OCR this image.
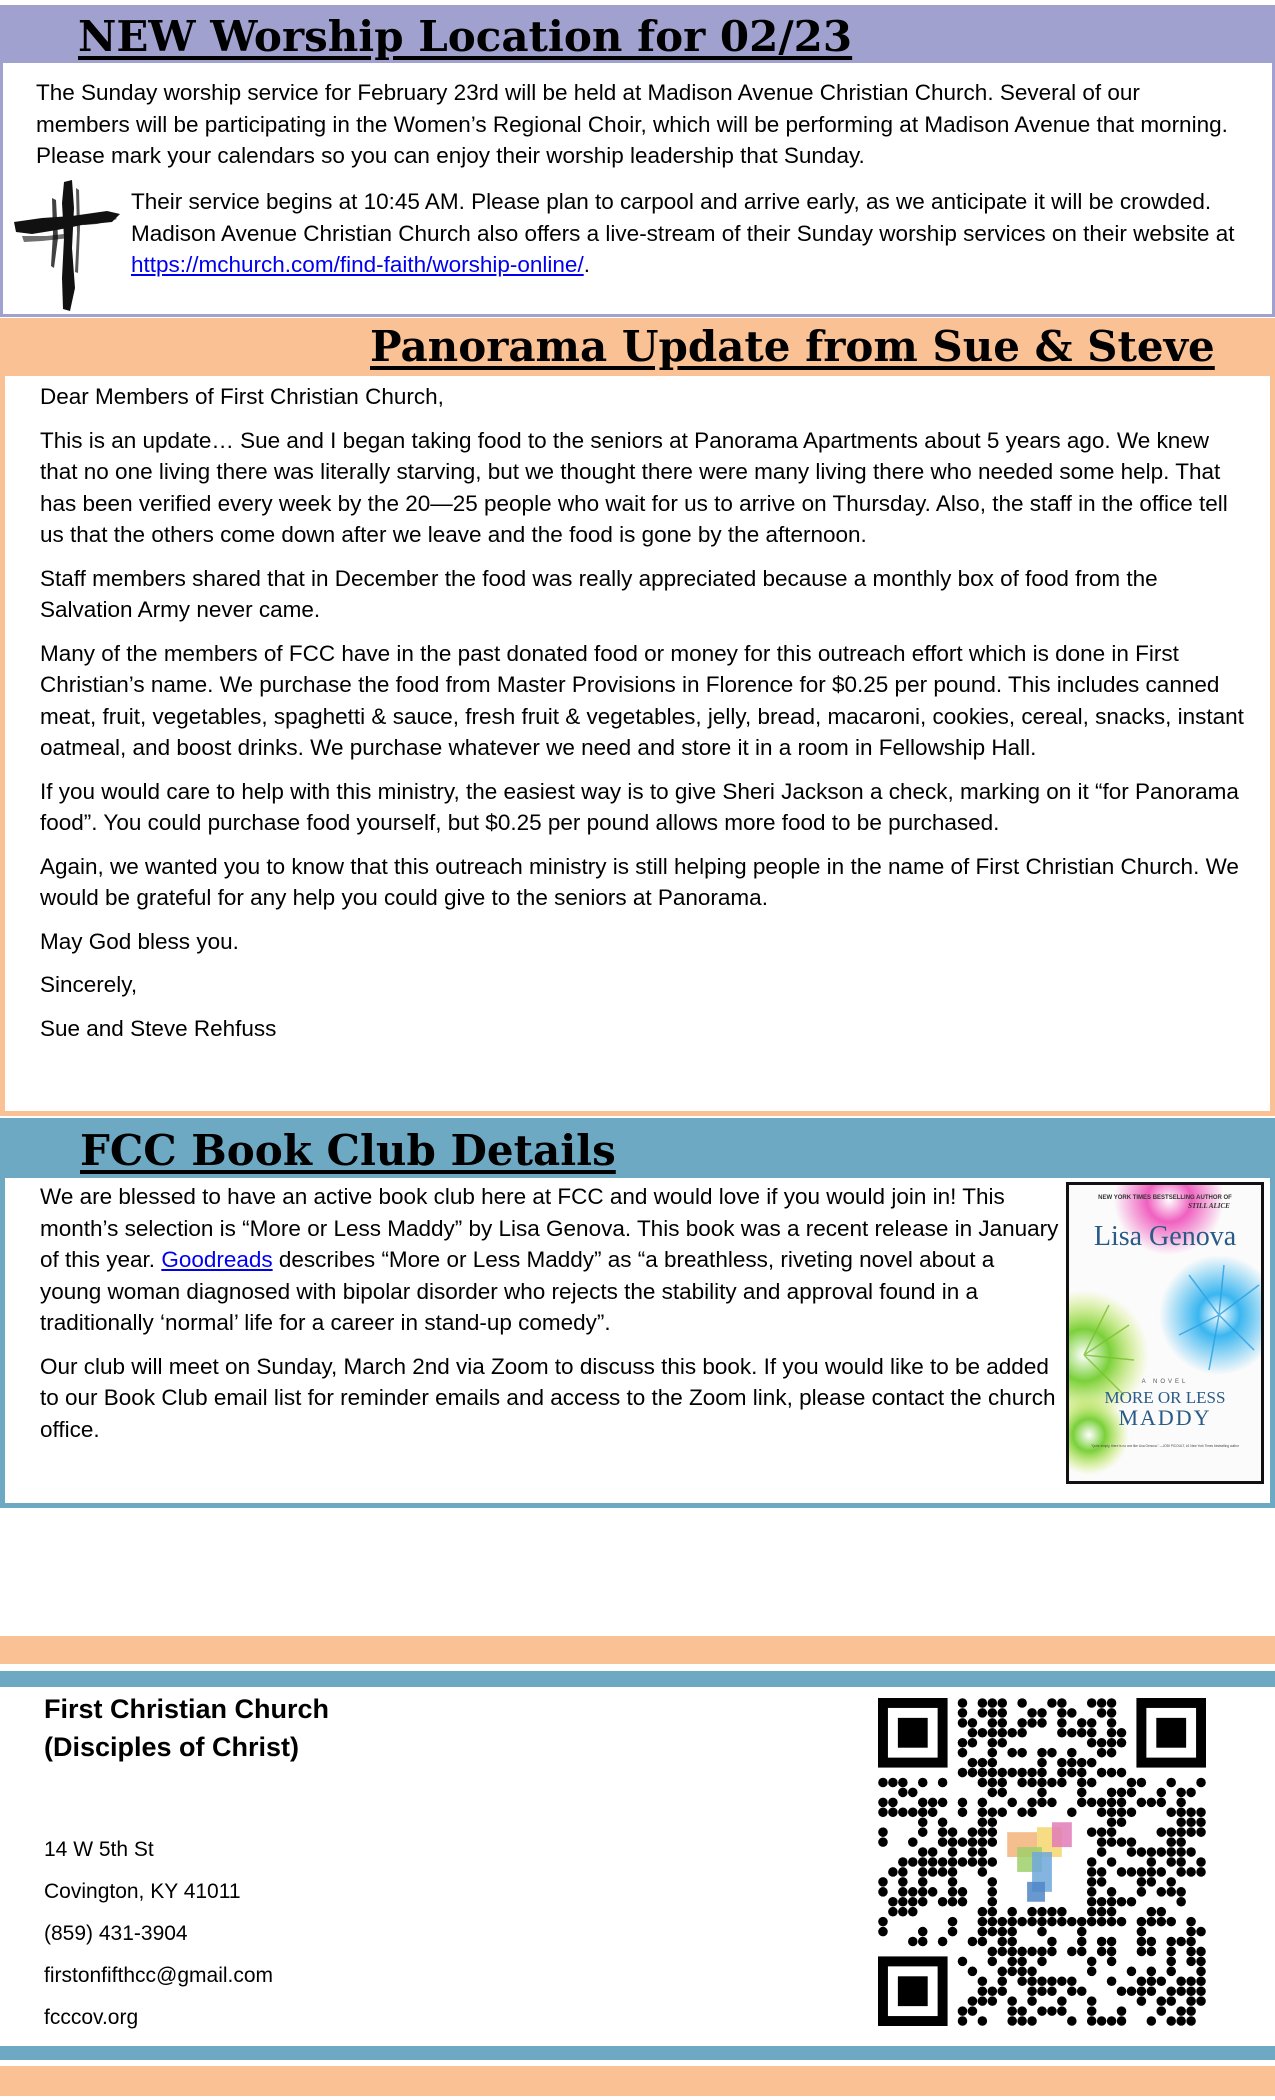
NEW Worship Location for 02/23

The Sunday worship service for February 23rd will be held at Madison Avenue Christian Church. Several of our members will be participating in the Women’s Regional Choir, which will be performing at Madison Avenue that morning. Please mark your calendars so you can enjoy their worship leadership that Sunday.

Their service begins at 10:45 AM. Please plan to carpool and arrive early, as we anticipate it will be crowded. Madison Avenue Christian Church also offers a live-stream of their Sunday worship services on their website at https://mchurch.com/find-faith/worship-online/.

Panorama Update from Sue & Steve

Dear Members of First Christian Church,

This is an update… Sue and I began taking food to the seniors at Panorama Apartments about 5 years ago. We knew that no one living there was literally starving, but we thought there were many living there who needed some help. That has been verified every week by the 20—25 people who wait for us to arrive on Thursday. Also, the staff in the office tell us that the others come down after we leave and the food is gone by the afternoon.

Staff members shared that in December the food was really appreciated because a monthly box of food from the Salvation Army never came.

Many of the members of FCC have in the past donated food or money for this outreach effort which is done in First Christian’s name. We purchase the food from Master Provisions in Florence for $0.25 per pound. This includes canned meat, fruit, vegetables, spaghetti & sauce, fresh fruit & vegetables, jelly, bread, macaroni, cookies, cereal, snacks, instant oatmeal, and boost drinks. We purchase whatever we need and store it in a room in Fellowship Hall.

If you would care to help with this ministry, the easiest way is to give Sheri Jackson a check, marking on it “for Panorama food”. You could purchase food yourself, but $0.25 per pound allows more food to be purchased.

Again, we wanted you to know that this outreach ministry is still helping people in the name of First Christian Church. We would be grateful for any help you could give to the seniors at Panorama.

May God bless you.

Sincerely,

Sue and Steve Rehfuss

FCC Book Club Details

We are blessed to have an active book club here at FCC and would love if you would join in! This month’s selection is “More or Less Maddy” by Lisa Genova. This book was a recent release in January of this year. Goodreads describes “More or Less Maddy” as “a breathless, riveting novel about a young woman diagnosed with bipolar disorder who rejects the stability and approval found in a traditionally ‘normal’ life for a career in stand-up comedy”.

Our club will meet on Sunday, March 2nd via Zoom to discuss this book. If you would like to be added to our Book Club email list for reminder emails and access to the Zoom link, please contact the church office.

NEW YORK TIMES BESTSELLING AUTHOR OF
STILL ALICE
Lisa Genova
A NOVEL
MORE OR LESS
MADDY
“Quite simply, there is no one like Lisa Genova.” —JODI PICOULT, #1 New York Times bestselling author
First Christian Church
(Disciples of Christ)
14 W 5th St
Covington, KY 41011
(859) 431-3904
firstonfifthcc@gmail.com
fcccov.org
